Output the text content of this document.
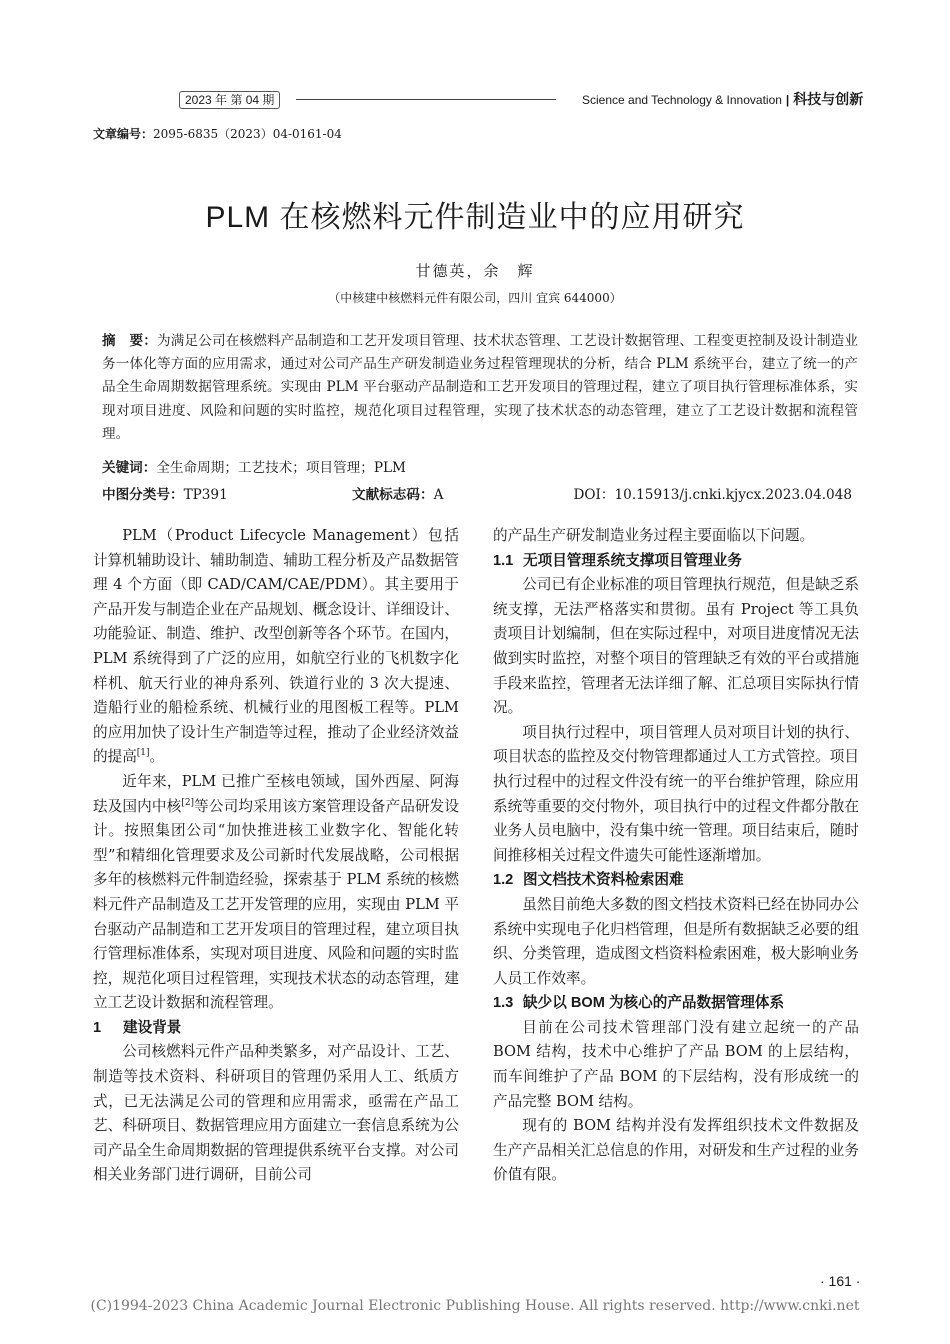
2023 年 第 04 期	Science and Technology & Innovation | 科技与创新
文章编号：2095-6835（2023）04-0161-04
PLM 在核燃料元件制造业中的应用研究
甘德英，余　辉
（中核建中核燃料元件有限公司，四川 宜宾 644000）
摘　要：为满足公司在核燃料产品制造和工艺开发项目管理、技术状态管理、工艺设计数据管理、工程变更控制及设计制造业务一体化等方面的应用需求，通过对公司产品生产研发制造业务过程管理现状的分析，结合 PLM 系统平台，建立了统一的产品全生命周期数据管理系统。实现由 PLM 平台驱动产品制造和工艺开发项目的管理过程，建立了项目执行管理标准体系，实现对项目进度、风险和问题的实时监控，规范化项目过程管理，实现了技术状态的动态管理，建立了工艺设计数据和流程管理。
关键词：全生命周期；工艺技术；项目管理；PLM
中图分类号：TP391	文献标志码：A	DOI：10.15913/j.cnki.kjycx.2023.04.048

PLM（Product Lifecycle Management）包括计算机辅助设计、辅助制造、辅助工程分析及产品数据管理 4 个方面（即 CAD/CAM/CAE/PDM）。其主要用于产品开发与制造企业在产品规划、概念设计、详细设计、功能验证、制造、维护、改型创新等各个环节。在国内，PLM 系统得到了广泛的应用，如航空行业的飞机数字化样机、航天行业的神舟系列、铁道行业的 3 次大提速、造船行业的船检系统、机械行业的甩图板工程等。PLM 的应用加快了设计生产制造等过程，推动了企业经济效益的提高[1]。

近年来，PLM 已推广至核电领域，国外西屋、阿海珐及国内中核[2]等公司均采用该方案管理设备产品研发设计。按照集团公司“加快推进核工业数字化、智能化转型”和精细化管理要求及公司新时代发展战略，公司根据多年的核燃料元件制造经验，探索基于 PLM 系统的核燃料元件产品制造及工艺开发管理的应用，实现由 PLM 平台驱动产品制造和工艺开发项目的管理过程，建立项目执行管理标准体系，实现对项目进度、风险和问题的实时监控，规范化项目过程管理，实现技术状态的动态管理，建立工艺设计数据和流程管理。

1 建设背景

公司核燃料元件产品种类繁多，对产品设计、工艺、制造等技术资料、科研项目的管理仍采用人工、纸质方式，已无法满足公司的管理和应用需求，亟需在产品工艺、科研项目、数据管理应用方面建立一套信息系统为公司产品全生命周期数据的管理提供系统平台支撑。对公司相关业务部门进行调研，目前公司

的产品生产研发制造业务过程主要面临以下问题。

1.1 无项目管理系统支撑项目管理业务

公司已有企业标准的项目管理执行规范，但是缺乏系统支撑，无法严格落实和贯彻。虽有 Project 等工具负责项目计划编制，但在实际过程中，对项目进度情况无法做到实时监控，对整个项目的管理缺乏有效的平台或措施手段来监控，管理者无法详细了解、汇总项目实际执行情况。

项目执行过程中，项目管理人员对项目计划的执行、项目状态的监控及交付物管理都通过人工方式管控。项目执行过程中的过程文件没有统一的平台维护管理，除应用系统等重要的交付物外，项目执行中的过程文件都分散在业务人员电脑中，没有集中统一管理。项目结束后，随时间推移相关过程文件遗失可能性逐渐增加。

1.2 图文档技术资料检索困难

虽然目前绝大多数的图文档技术资料已经在协同办公系统中实现电子化归档管理，但是所有数据缺乏必要的组织、分类管理，造成图文档资料检索困难，极大影响业务人员工作效率。

1.3 缺少以 BOM 为核心的产品数据管理体系

目前在公司技术管理部门没有建立起统一的产品 BOM 结构，技术中心维护了产品 BOM 的上层结构，而车间维护了产品 BOM 的下层结构，没有形成统一的产品完整 BOM 结构。

现有的 BOM 结构并没有发挥组织技术文件数据及生产产品相关汇总信息的作用，对研发和生产过程的业务价值有限。

· 161 ·
(C)1994-2023 China Academic Journal Electronic Publishing House. All rights reserved. http://www.cnki.net
